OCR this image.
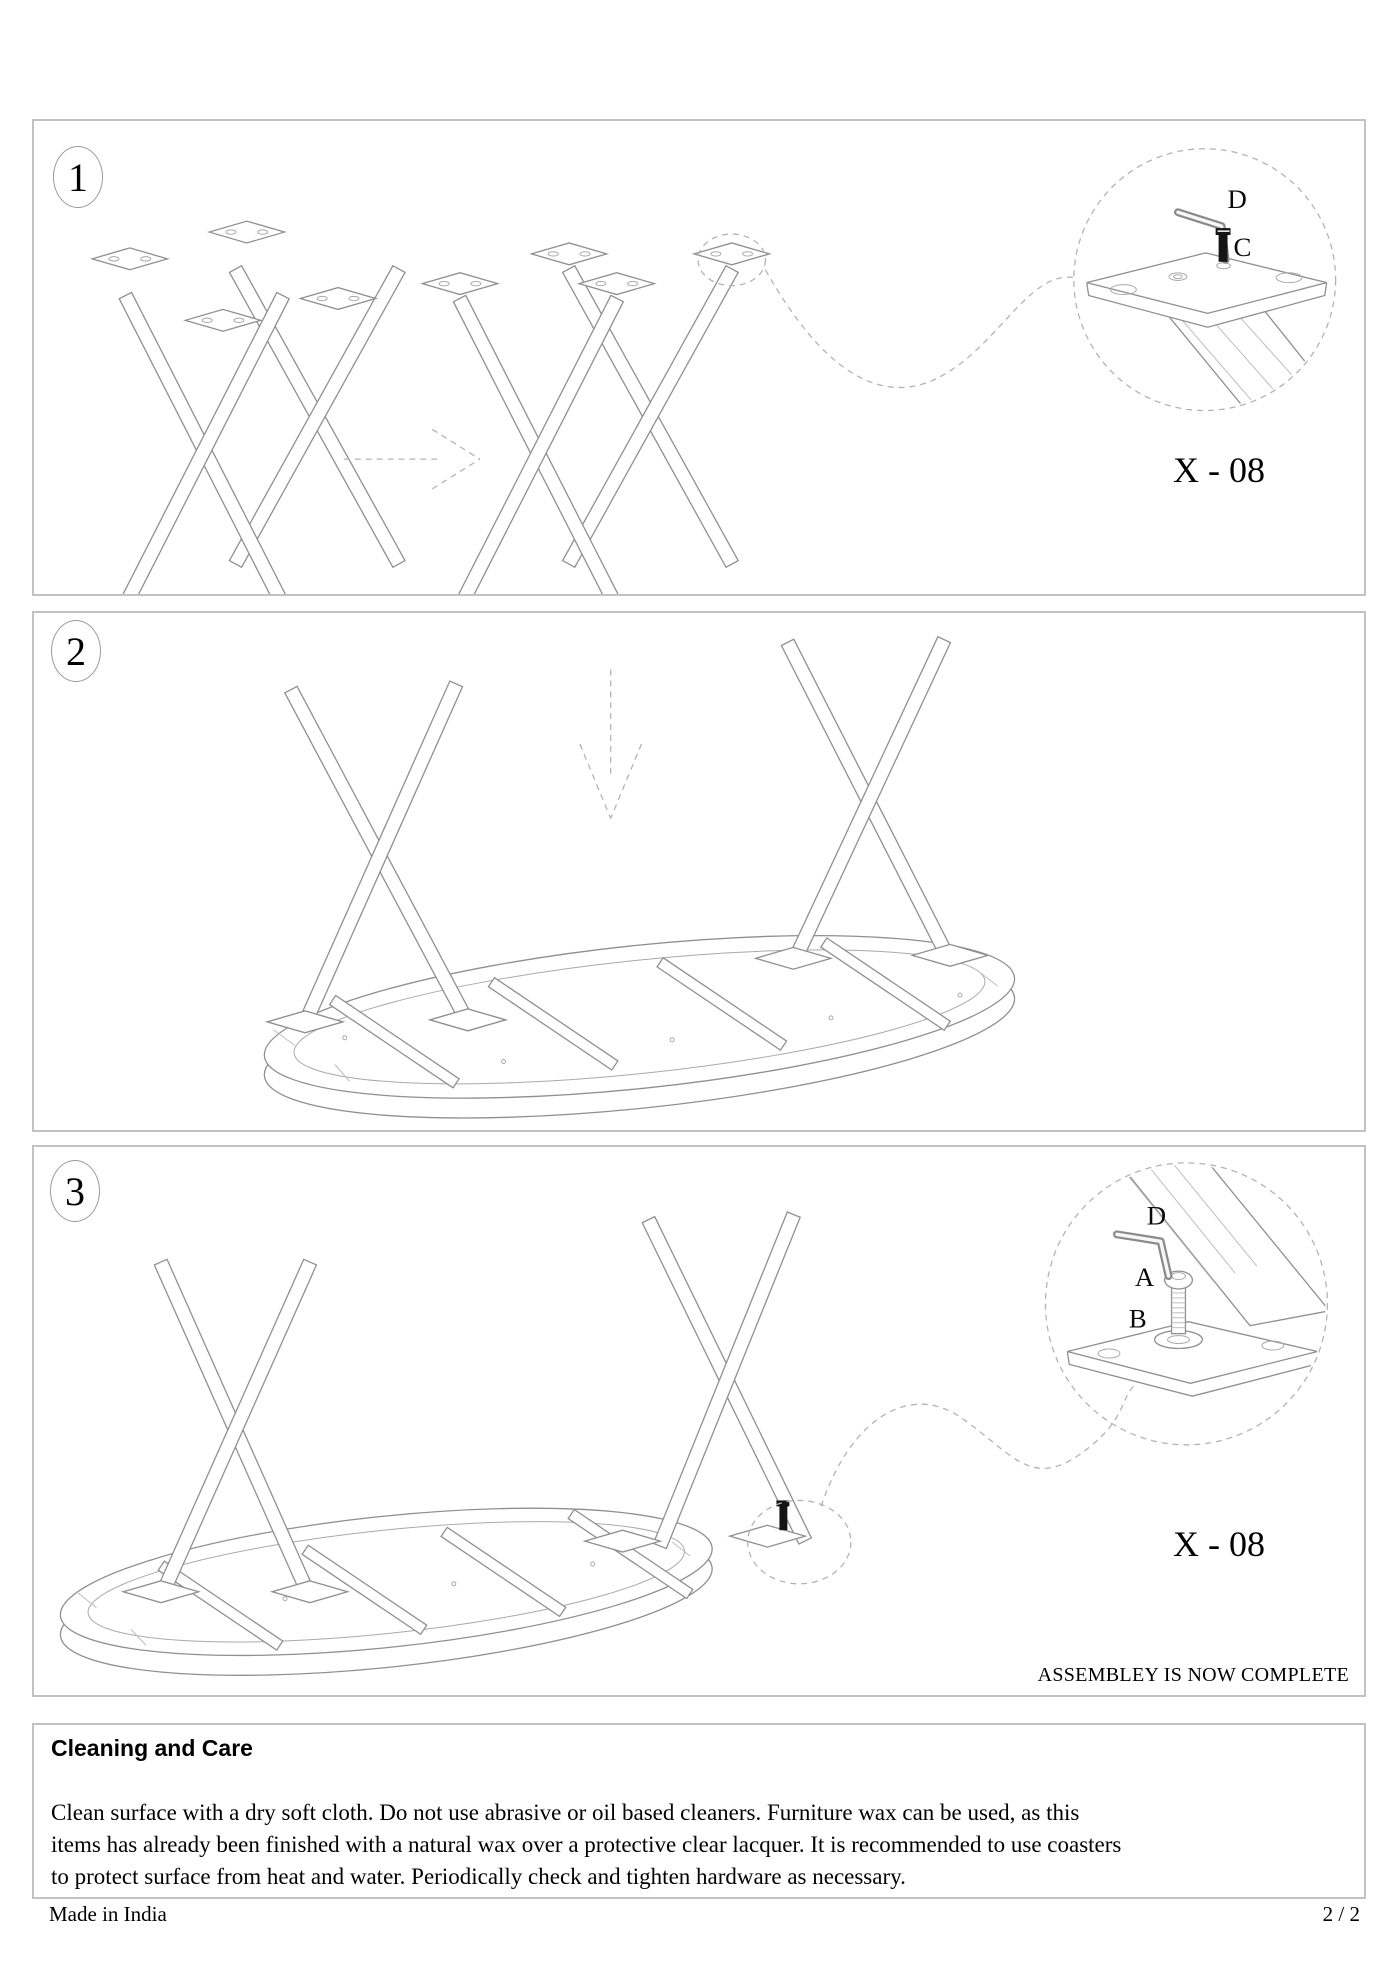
1	D
C
X - 08
2
3
D
A
B
X - 08
ASSEMBLEY IS NOW COMPLETE
Cleaning and Care
Clean surface with a dry soft cloth. Do not use abrasive or oil based cleaners. Furniture wax can be used, as this
items has already been finished with a natural wax over a protective clear lacquer. It is recommended to use coasters
to protect surface from heat and water. Periodically check and tighten hardware as necessary.
Made in India	2 / 2
